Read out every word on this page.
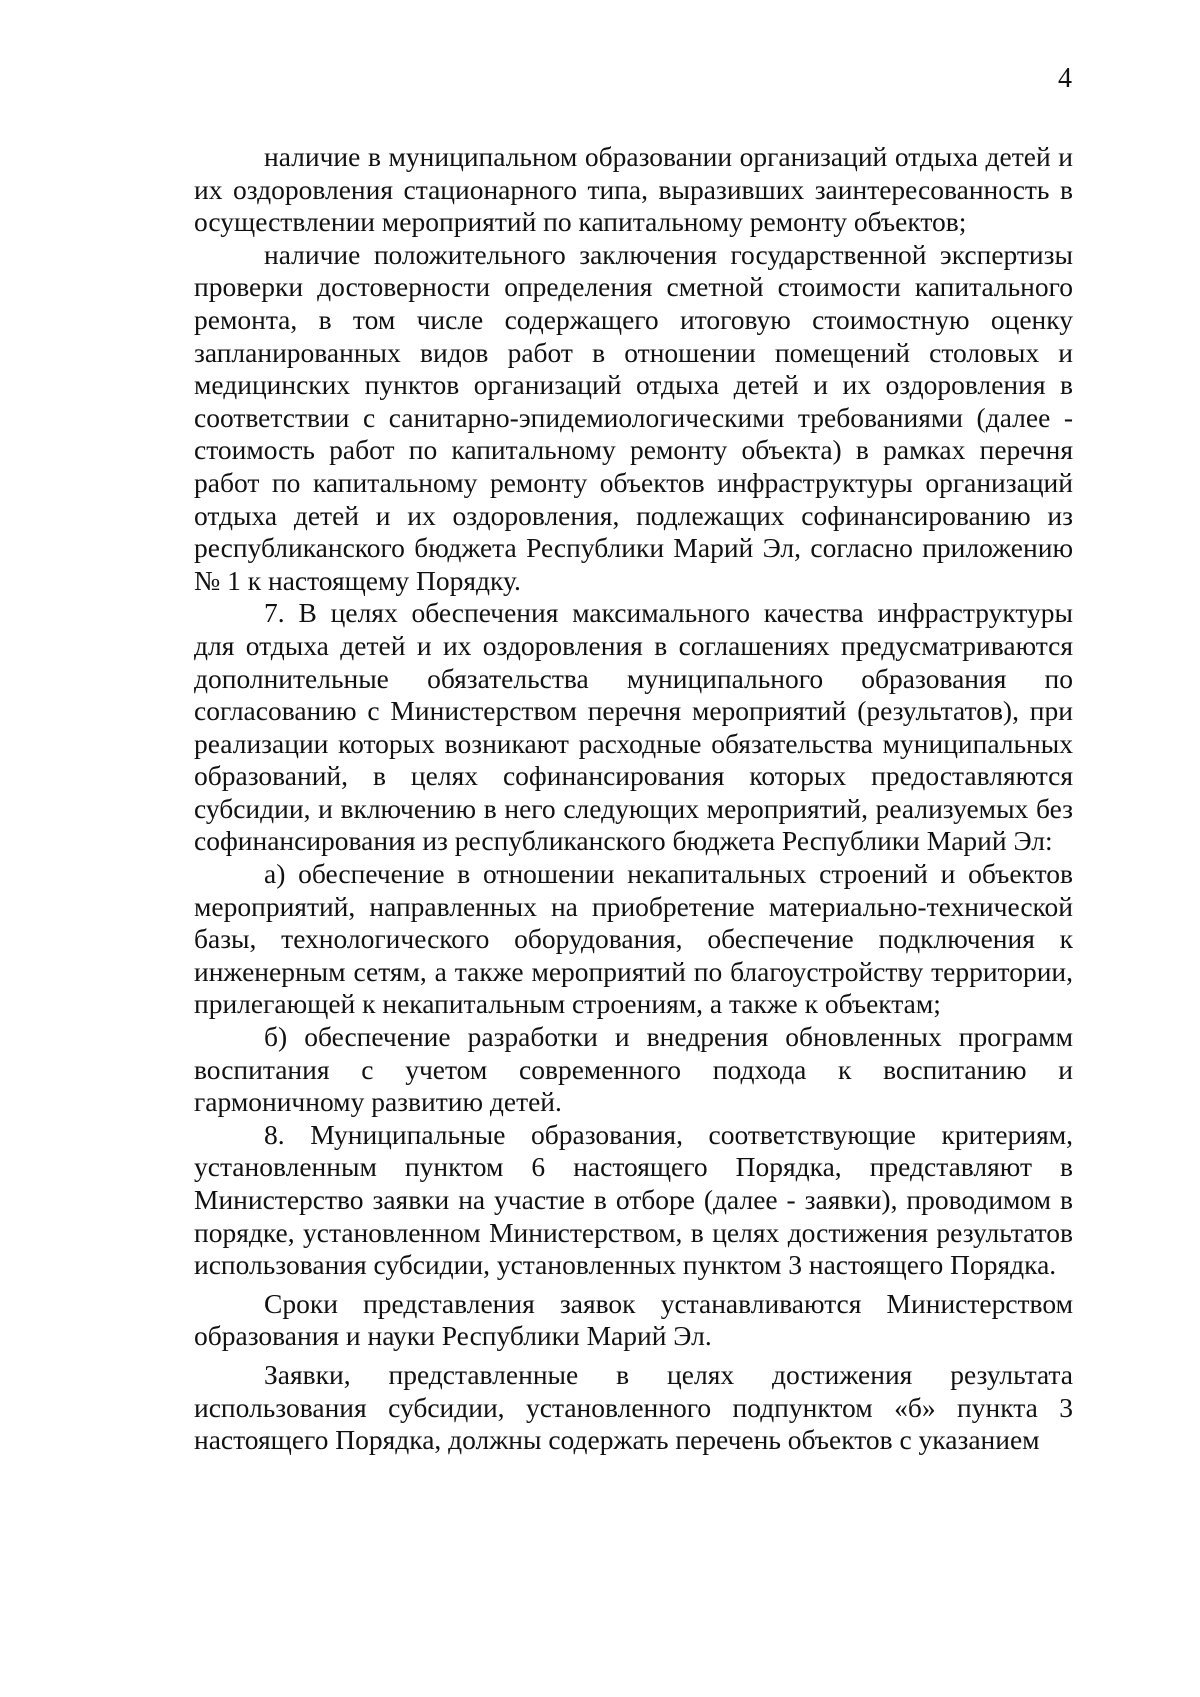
4

наличие в муниципальном образовании организаций отдыха детей и их оздоровления стационарного типа, выразивших заинтересованность в осуществлении мероприятий по капитальному ремонту объектов;

наличие положительного заключения государственной экспертизы проверки достоверности определения сметной стоимости капитального ремонта, в том числе содержащего итоговую стоимостную оценку запланированных видов работ в отношении помещений столовых и медицинских пунктов организаций отдыха детей и их оздоровления в соответствии с санитарно-эпидемиологическими требованиями (далее - стоимость работ по капитальному ремонту объекта) в рамках перечня работ по капитальному ремонту объектов инфраструктуры организаций отдыха детей и их оздоровления, подлежащих софинансированию из республиканского бюджета Республики Марий Эл, согласно приложению № 1 к настоящему Порядку.

7. В целях обеспечения максимального качества инфраструктуры для отдыха детей и их оздоровления в соглашениях предусматриваются дополнительные обязательства муниципального образования по согласованию с Министерством перечня мероприятий (результатов), при реализации которых возникают расходные обязательства муниципальных образований, в целях софинансирования которых предоставляются субсидии, и включению в него следующих мероприятий, реализуемых без софинансирования из республиканского бюджета Республики Марий Эл:

а) обеспечение в отношении некапитальных строений и объектов мероприятий, направленных на приобретение материально-технической базы, технологического оборудования, обеспечение подключения к инженерным сетям, а также мероприятий по благоустройству территории, прилегающей к некапитальным строениям, а также к объектам;

б) обеспечение разработки и внедрения обновленных программ воспитания с учетом современного подхода к воспитанию и гармоничному развитию детей.

8. Муниципальные образования, соответствующие критериям, установленным пунктом 6 настоящего Порядка, представляют в Министерство заявки на участие в отборе (далее - заявки), проводимом в порядке, установленном Министерством, в целях достижения результатов использования субсидии, установленных пунктом 3 настоящего Порядка.

Сроки представления заявок устанавливаются Министерством образования и науки Республики Марий Эл.

Заявки, представленные в целях достижения результата использования субсидии, установленного подпунктом «б» пункта 3 настоящего Порядка, должны содержать перечень объектов с указанием
